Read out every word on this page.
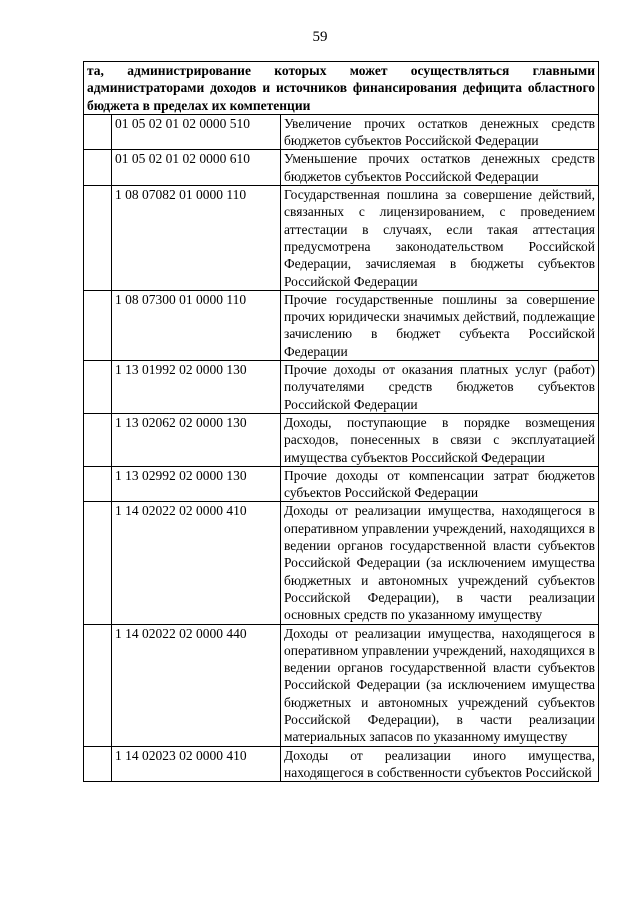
59
та, администрирование которых может осуществляться главными администраторами доходов и источников финансирования дефицита областного бюджета в пределах их компетенции		
	01 05 02 01 02 0000 510	Увеличение прочих остатков денежных средств бюджетов субъектов Российской Федерации
	01 05 02 01 02 0000 610	Уменьшение прочих остатков денежных средств бюджетов субъектов Российской Федерации
	1 08 07082 01 0000 110	Государственная пошлина за совершение действий, связанных с лицензированием, с проведением аттестации в случаях, если такая аттестация предусмотрена законодательством Российской Федерации, зачисляемая в бюджеты субъектов Российской Федерации
	1 08 07300 01 0000 110	Прочие государственные пошлины за совершение прочих юридически значимых действий, подлежащие зачислению в бюджет субъекта Российской Федерации
	1 13 01992 02 0000 130	Прочие доходы от оказания платных услуг (работ) получателями средств бюджетов субъектов Российской Федерации
	1 13 02062 02 0000 130	Доходы, поступающие в порядке возмещения расходов, понесенных в связи с эксплуатацией имущества субъектов Российской Федерации
	1 13 02992 02 0000 130	Прочие доходы от компенсации затрат бюджетов субъектов Российской Федерации
	1 14 02022 02 0000 410	Доходы от реализации имущества, находящегося в оперативном управлении учреждений, находящихся в ведении органов государственной власти субъектов Российской Федерации (за исключением имущества бюджетных и автономных учреждений субъектов Российской Федерации), в части реализации основных средств по указанному имуществу
	1 14 02022 02 0000 440	Доходы от реализации имущества, находящегося в оперативном управлении учреждений, находящихся в ведении органов государственной власти субъектов Российской Федерации (за исключением имущества бюджетных и автономных учреждений субъектов Российской Федерации), в части реализации материальных запасов по указанному имуществу
	1 14 02023 02 0000 410	Доходы от реализации иного имущества, находящегося в собственности субъектов Российской
